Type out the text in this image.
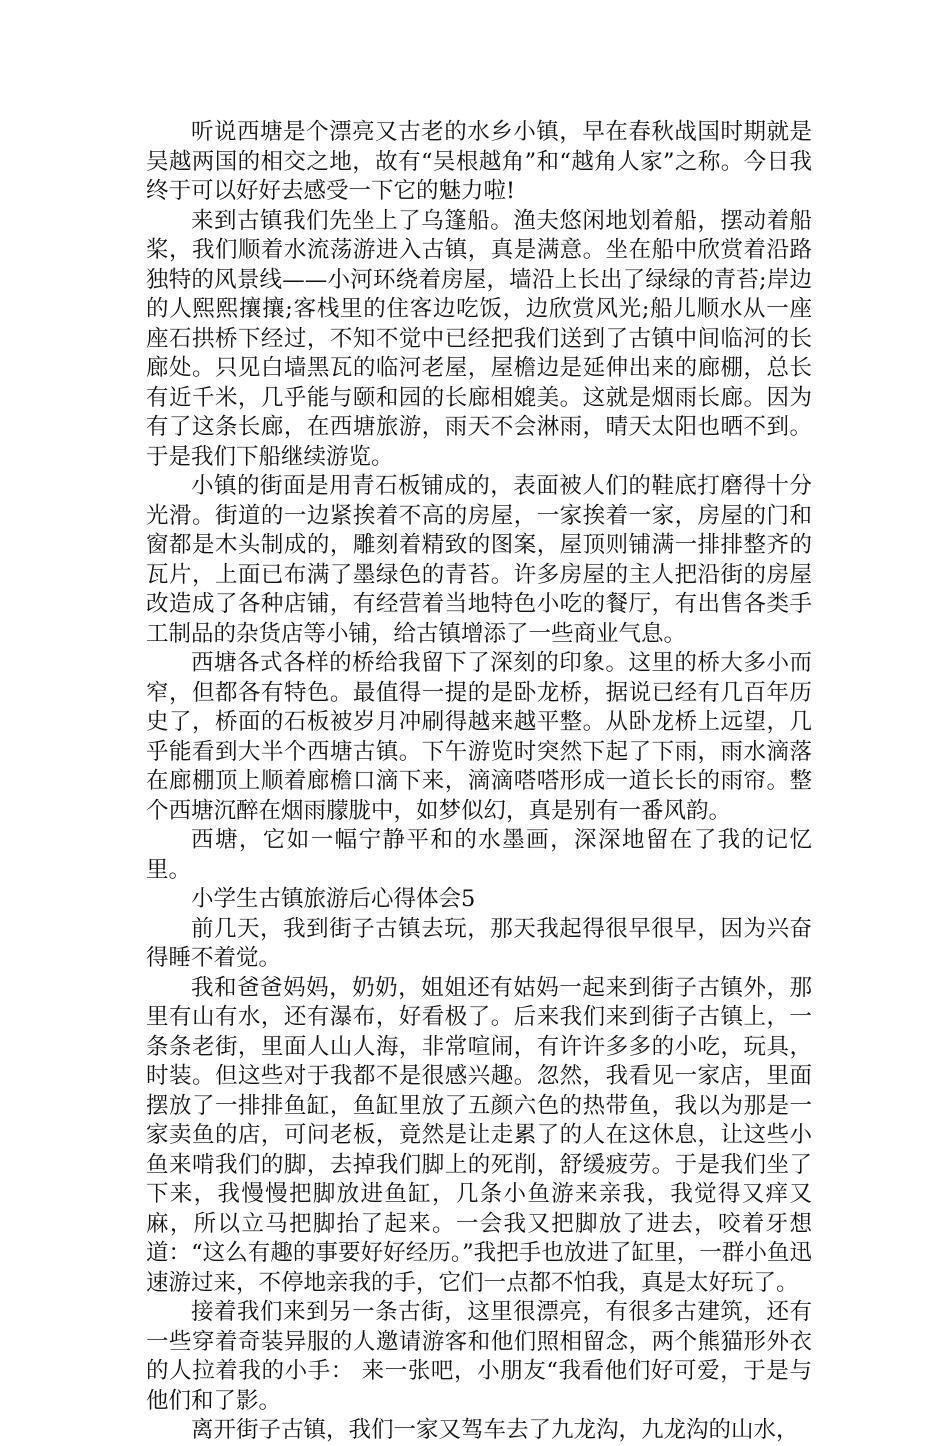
听说西塘是个漂亮又古老的水乡小镇，早在春秋战国时期就是吴越两国的相交之地，故有“吴根越角”和“越角人家”之称。今日我终于可以好好去感受一下它的魅力啦!

来到古镇我们先坐上了乌篷船。渔夫悠闲地划着船，摆动着船桨，我们顺着水流荡游进入古镇，真是满意。坐在船中欣赏着沿路独特的风景线——小河环绕着房屋，墙沿上长出了绿绿的青苔;岸边的人熙熙攘攘;客栈里的住客边吃饭，边欣赏风光;船儿顺水从一座座石拱桥下经过，不知不觉中已经把我们送到了古镇中间临河的长廊处。只见白墙黑瓦的临河老屋，屋檐边是延伸出来的廊棚，总长有近千米，几乎能与颐和园的长廊相媲美。这就是烟雨长廊。因为有了这条长廊，在西塘旅游，雨天不会淋雨，晴天太阳也晒不到。于是我们下船继续游览。

小镇的街面是用青石板铺成的，表面被人们的鞋底打磨得十分光滑。街道的一边紧挨着不高的房屋，一家挨着一家，房屋的门和窗都是木头制成的，雕刻着精致的图案，屋顶则铺满一排排整齐的瓦片，上面已布满了墨绿色的青苔。许多房屋的主人把沿街的房屋改造成了各种店铺，有经营着当地特色小吃的餐厅，有出售各类手工制品的杂货店等小铺，给古镇增添了一些商业气息。

西塘各式各样的桥给我留下了深刻的印象。这里的桥大多小而窄，但都各有特色。最值得一提的是卧龙桥，据说已经有几百年历史了，桥面的石板被岁月冲刷得越来越平整。从卧龙桥上远望，几乎能看到大半个西塘古镇。下午游览时突然下起了下雨，雨水滴落在廊棚顶上顺着廊檐口滴下来，滴滴嗒嗒形成一道长长的雨帘。整个西塘沉醉在烟雨朦胧中，如梦似幻，真是别有一番风韵。

西塘，它如一幅宁静平和的水墨画，深深地留在了我的记忆里。

小学生古镇旅游后心得体会5

前几天，我到街子古镇去玩，那天我起得很早很早，因为兴奋得睡不着觉。

我和爸爸妈妈，奶奶，姐姐还有姑妈一起来到街子古镇外，那里有山有水，还有瀑布，好看极了。后来我们来到街子古镇上，一条条老街，里面人山人海，非常喧闹，有许许多多的小吃，玩具，时装。但这些对于我都不是很感兴趣。忽然，我看见一家店，里面摆放了一排排鱼缸，鱼缸里放了五颜六色的热带鱼，我以为那是一家卖鱼的店，可问老板，竟然是让走累了的人在这休息，让这些小鱼来啃我们的脚，去掉我们脚上的死削，舒缓疲劳。于是我们坐了下来，我慢慢把脚放进鱼缸，几条小鱼游来亲我，我觉得又痒又麻，所以立马把脚抬了起来。一会我又把脚放了进去，咬着牙想道：“这么有趣的事要好好经历。”我把手也放进了缸里，一群小鱼迅速游过来，不停地亲我的手，它们一点都不怕我，真是太好玩了。

接着我们来到另一条古街，这里很漂亮，有很多古建筑，还有一些穿着奇装异服的人邀请游客和他们照相留念，两个熊猫形外衣的人拉着我的小手： 来一张吧，小朋友“我看他们好可爱，于是与他们和了影。

离开街子古镇，我们一家又驾车去了九龙沟，九龙沟的山水，
